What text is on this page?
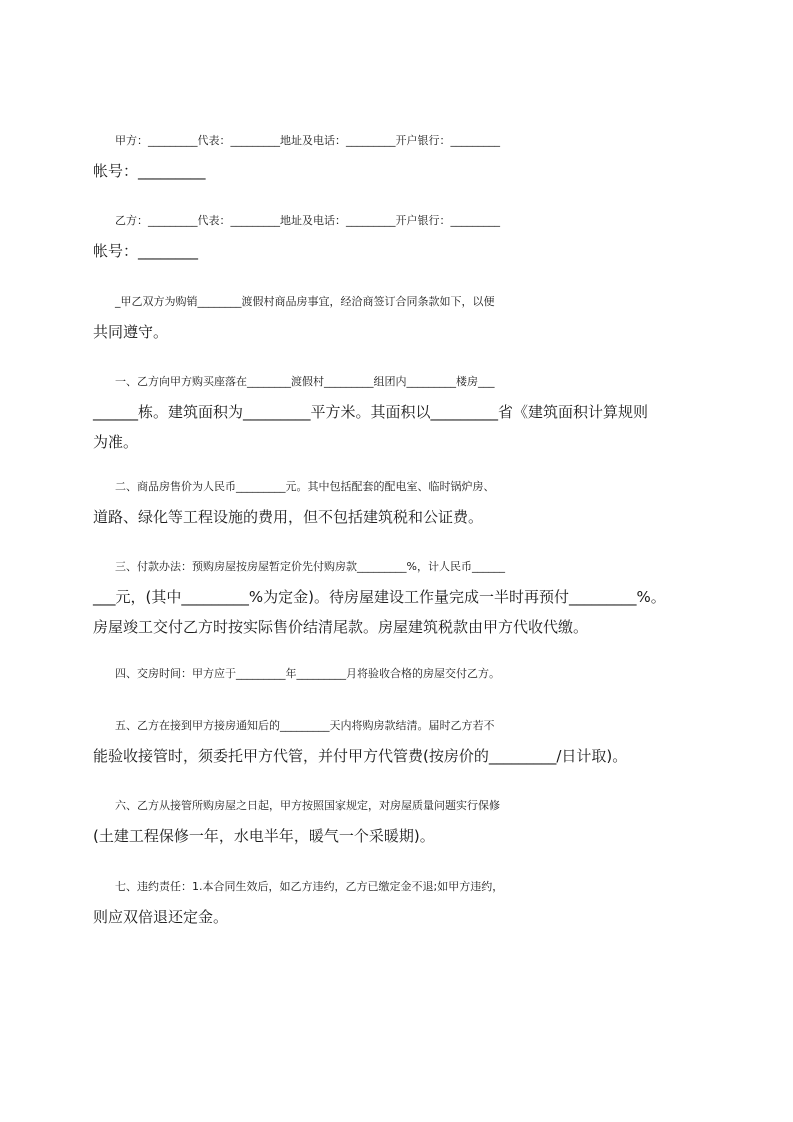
甲方：_________代表：_________地址及电话：_________开户银行：_________
帐号：_________

乙方：_________代表：_________地址及电话：_________开户银行：_________
帐号：________

_甲乙双方为购销________渡假村商品房事宜，经洽商签订合同条款如下，以便
共同遵守。

一、乙方向甲方购买座落在________渡假村_________组团内_________楼房___
______栋。建筑面积为_________平方米。其面积以_________省《建筑面积计算规则
为准。

二、商品房售价为人民币_________元。其中包括配套的配电室、临时锅炉房、
道路、绿化等工程设施的费用，但不包括建筑税和公证费。

三、付款办法：预购房屋按房屋暂定价先付购房款_________%，计人民币______
___元，(其中_________%为定金)。待房屋建设工作量完成一半时再预付_________%。
房屋竣工交付乙方时按实际售价结清尾款。房屋建筑税款由甲方代收代缴。

四、交房时间：甲方应于_________年_________月将验收合格的房屋交付乙方。

五、乙方在接到甲方接房通知后的_________天内将购房款结清。届时乙方若不
能验收接管时，须委托甲方代管，并付甲方代管费(按房价的_________/日计取)。

六、乙方从接管所购房屋之日起，甲方按照国家规定，对房屋质量问题实行保修
(土建工程保修一年，水电半年，暖气一个采暖期)。

七、违约责任：1.本合同生效后，如乙方违约，乙方已缴定金不退;如甲方违约，
则应双倍退还定金。
